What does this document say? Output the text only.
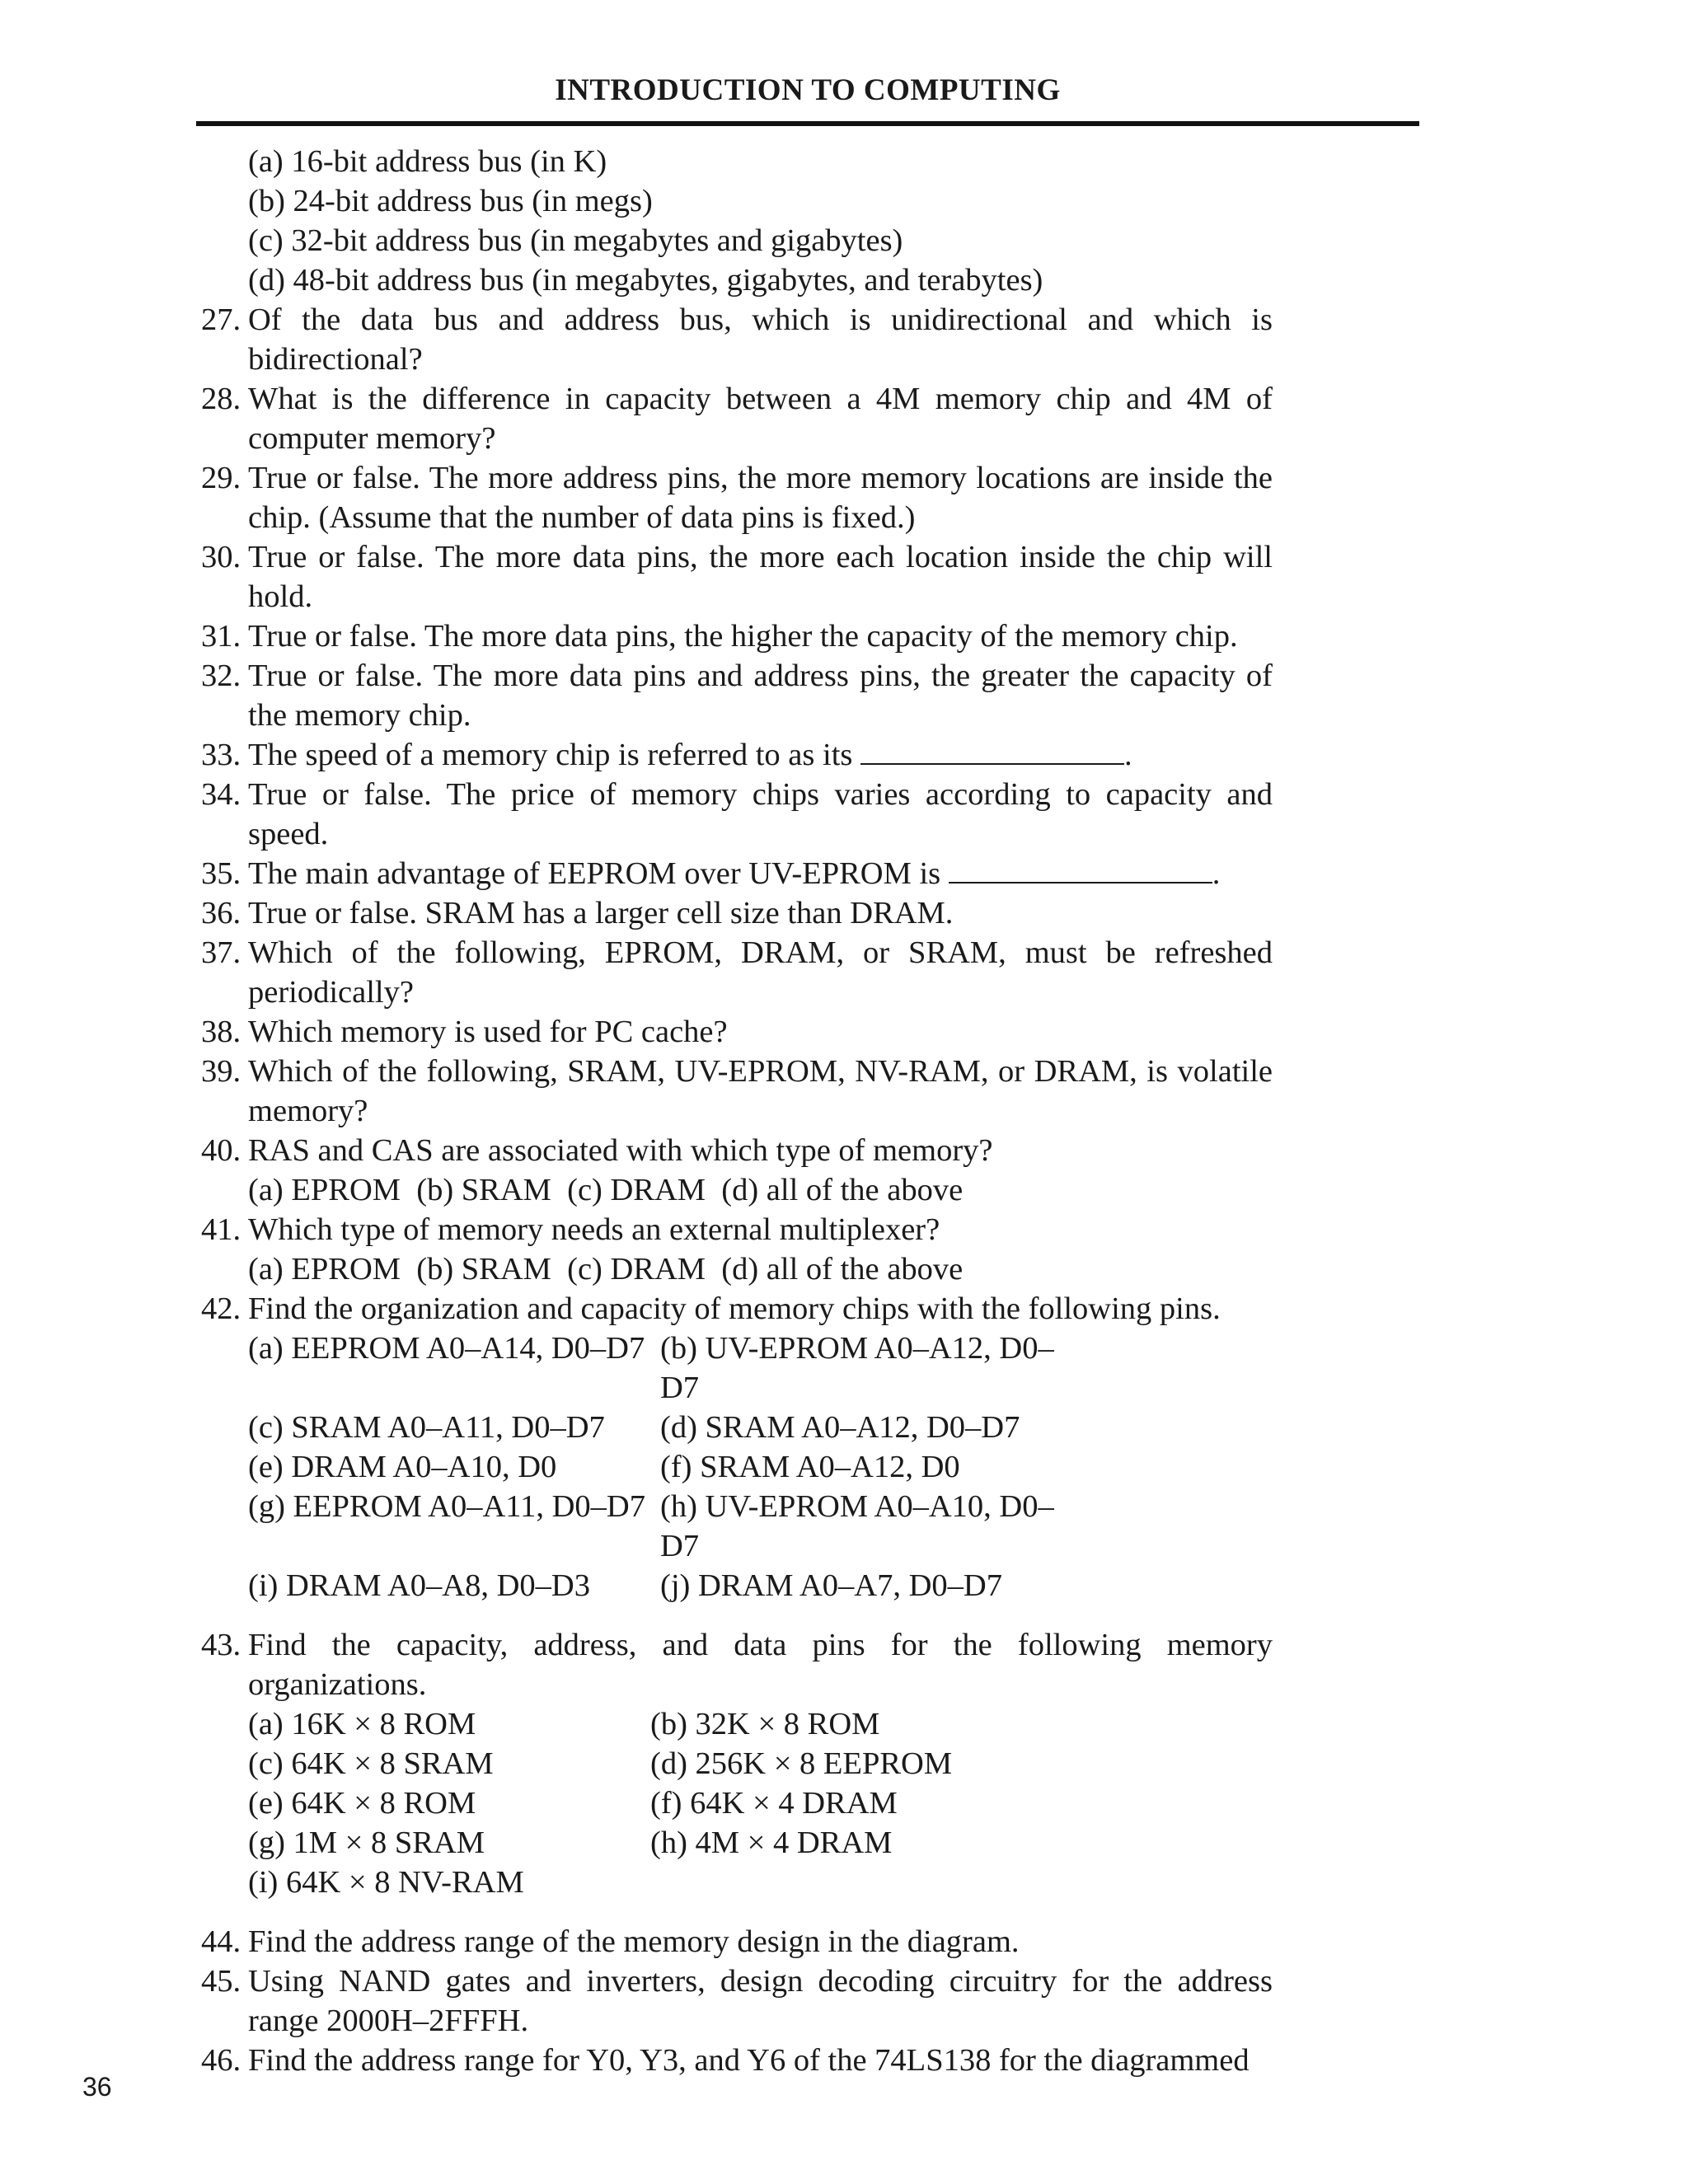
INTRODUCTION TO COMPUTING
(a) 16-bit address bus (in K)
(b) 24-bit address bus (in megs)
(c) 32-bit address bus (in megabytes and gigabytes)
(d) 48-bit address bus (in megabytes, gigabytes, and terabytes)
27. Of the data bus and address bus, which is unidirectional and which is bidirectional?
28. What is the difference in capacity between a 4M memory chip and 4M of computer memory?
29. True or false. The more address pins, the more memory locations are inside the chip. (Assume that the number of data pins is fixed.)
30. True or false. The more data pins, the more each location inside the chip will hold.
31. True or false. The more data pins, the higher the capacity of the memory chip.
32. True or false. The more data pins and address pins, the greater the capacity of the memory chip.
33. The speed of a memory chip is referred to as its	.
34. True or false. The price of memory chips varies according to capacity and speed.
35. The main advantage of EEPROM over UV-EPROM is	.
36. True or false. SRAM has a larger cell size than DRAM.
37. Which of the following, EPROM, DRAM, or SRAM, must be refreshed periodically?
38. Which memory is used for PC cache?
39. Which of the following, SRAM, UV-EPROM, NV-RAM, or DRAM, is volatile memory?
40. RAS and CAS are associated with which type of memory?
(a) EPROM  (b) SRAM  (c) DRAM  (d) all of the above
41. Which type of memory needs an external multiplexer?
(a) EPROM  (b) SRAM  (c) DRAM  (d) all of the above
42. Find the organization and capacity of memory chips with the following pins.
(a) EEPROM A0–A14, D0–D7 (b) UV-EPROM A0–A12, D0–D7
(c) SRAM A0–A11, D0–D7	(d) SRAM A0–A12, D0–D7
(e) DRAM A0–A10, D0	(f) SRAM A0–A12, D0
(g) EEPROM A0–A11, D0–D7 (h) UV-EPROM A0–A10, D0–D7
(i) DRAM A0–A8, D0–D3	(j) DRAM A0–A7, D0–D7
43. Find the capacity, address, and data pins for the following memory organizations.
(a) 16K × 8 ROM	(b) 32K × 8 ROM
(c) 64K × 8 SRAM	(d) 256K × 8 EEPROM
(e) 64K × 8 ROM	(f) 64K × 4 DRAM
(g) 1M × 8 SRAM	(h) 4M × 4 DRAM
(i) 64K × 8 NV-RAM
44. Find the address range of the memory design in the diagram.
45. Using NAND gates and inverters, design decoding circuitry for the address range 2000H–2FFFH.
46. Find the address range for Y0, Y3, and Y6 of the 74LS138 for the diagrammed
36
